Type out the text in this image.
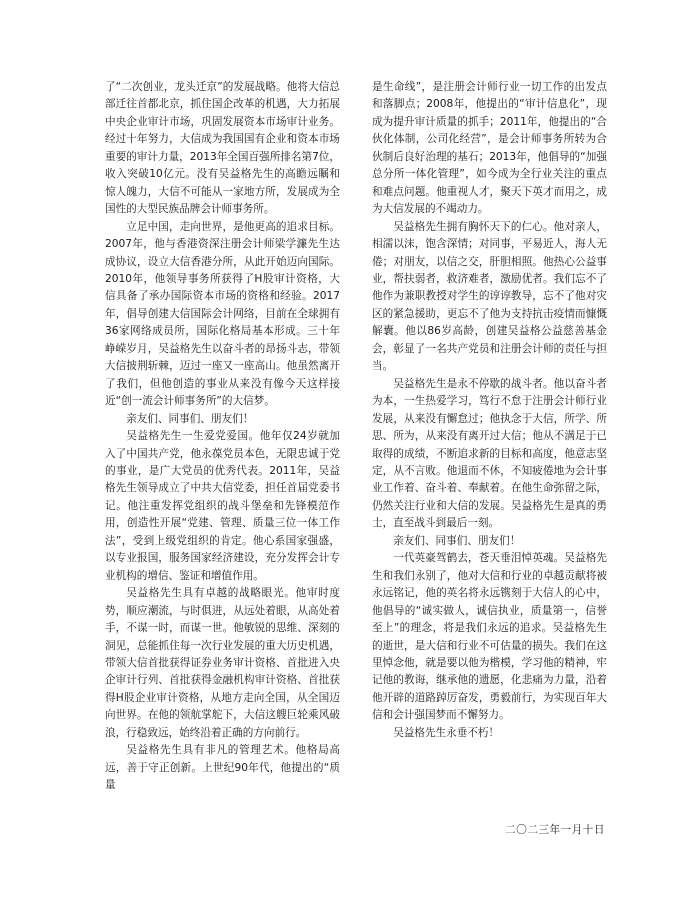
了“二次创业，龙头迁京”的发展战略。他将大信总部迁往首都北京，抓住国企改革的机遇，大力拓展中央企业审计市场，巩固发展资本市场审计业务。经过十年努力，大信成为我国国有企业和资本市场重要的审计力量，2013年全国百强所排名第7位，收入突破10亿元。没有吴益格先生的高瞻远瞩和惊人魄力，大信不可能从一家地方所，发展成为全国性的大型民族品牌会计师事务所。

立足中国，走向世界，是他更高的追求目标。2007年，他与香港资深注册会计师梁学濂先生达成协议，设立大信香港分所，从此开始迈向国际。2010年，他领导事务所获得了H股审计资格，大信具备了承办国际资本市场的资格和经验。2017年，倡导创建大信国际会计网络，目前在全球拥有36家网络成员所，国际化格局基本形成。三十年峥嵘岁月，吴益格先生以奋斗者的昂扬斗志，带领大信披荆斩棘，迈过一座又一座高山。他虽然离开了我们，但他创造的事业从来没有像今天这样接近“创一流会计师事务所”的大信梦。

亲友们、同事们、朋友们！

吴益格先生一生爱党爱国。他年仅24岁就加入了中国共产党，他永葆党员本色，无限忠诚于党的事业，是广大党员的优秀代表。2011年，吴益格先生领导成立了中共大信党委，担任首届党委书记。他注重发挥党组织的战斗堡垒和先锋模范作用，创造性开展“党建、管理、质量三位一体工作法”，受到上级党组织的肯定。他心系国家强盛，以专业报国，服务国家经济建设，充分发挥会计专业机构的增信、鉴证和增值作用。

吴益格先生具有卓越的战略眼光。他审时度势，顺应潮流，与时俱进，从远处着眼，从高处着手，不谋一时，而谋一世。他敏锐的思维、深刻的洞见，总能抓住每一次行业发展的重大历史机遇，带领大信首批获得证券业务审计资格、首批进入央企审计行列、首批获得金融机构审计资格、首批获得H股企业审计资格，从地方走向全国，从全国迈向世界。在他的领航掌舵下，大信这艘巨轮乘风破浪，行稳致远，始终沿着正确的方向前行。

吴益格先生具有非凡的管理艺术。他格局高远，善于守正创新。上世纪90年代，他提出的“质量

是生命线”，是注册会计师行业一切工作的出发点和落脚点；2008年，他提出的“审计信息化”，现成为提升审计质量的抓手；2011年，他提出的“合伙化体制，公司化经营”，是会计师事务所转为合伙制后良好治理的基石；2013年，他倡导的“加强总分所一体化管理”，如今成为全行业关注的重点和难点问题。他重视人才，聚天下英才而用之，成为大信发展的不竭动力。

吴益格先生拥有胸怀天下的仁心。他对亲人，相濡以沫，饱含深情；对同事，平易近人，海人无倦；对朋友，以信之交，肝胆相照。他热心公益事业，帮扶弱者，救济难者，激励优者。我们忘不了他作为兼职教授对学生的谆谆教导，忘不了他对灾区的紧急援助，更忘不了他为支持抗击疫情而慷慨解囊。他以86岁高龄，创建吴益格公益慈善基金会，彰显了一名共产党员和注册会计师的责任与担当。

吴益格先生是永不停歇的战斗者。他以奋斗者为本，一生热爱学习，笃行不怠于注册会计师行业发展，从来没有懈怠过；他执念于大信，所学、所思、所为，从来没有离开过大信；他从不满足于已取得的成绩，不断追求新的目标和高度，他意志坚定，从不言败。他退而不休，不知疲倦地为会计事业工作着、奋斗着、奉献着。在他生命弥留之际，仍然关注行业和大信的发展。吴益格先生是真的勇士，直至战斗到最后一刻。

亲友们、同事们、朋友们！

一代英豪驾鹤去，苍天垂泪悼英魂。吴益格先生和我们永别了，他对大信和行业的卓越贡献将被永远铭记，他的英名将永远镌刻于大信人的心中，他倡导的“诚实做人，诚信执业，质量第一，信誉至上”的理念，将是我们永远的追求。吴益格先生的逝世，是大信和行业不可估量的损失。我们在这里悼念他，就是要以他为楷模，学习他的精神，牢记他的教诲，继承他的遗愿，化悲痛为力量，沿着他开辟的道路踔厉奋发，勇毅前行，为实现百年大信和会计强国梦而不懈努力。

吴益格先生永垂不朽！

二〇二三年一月十日
